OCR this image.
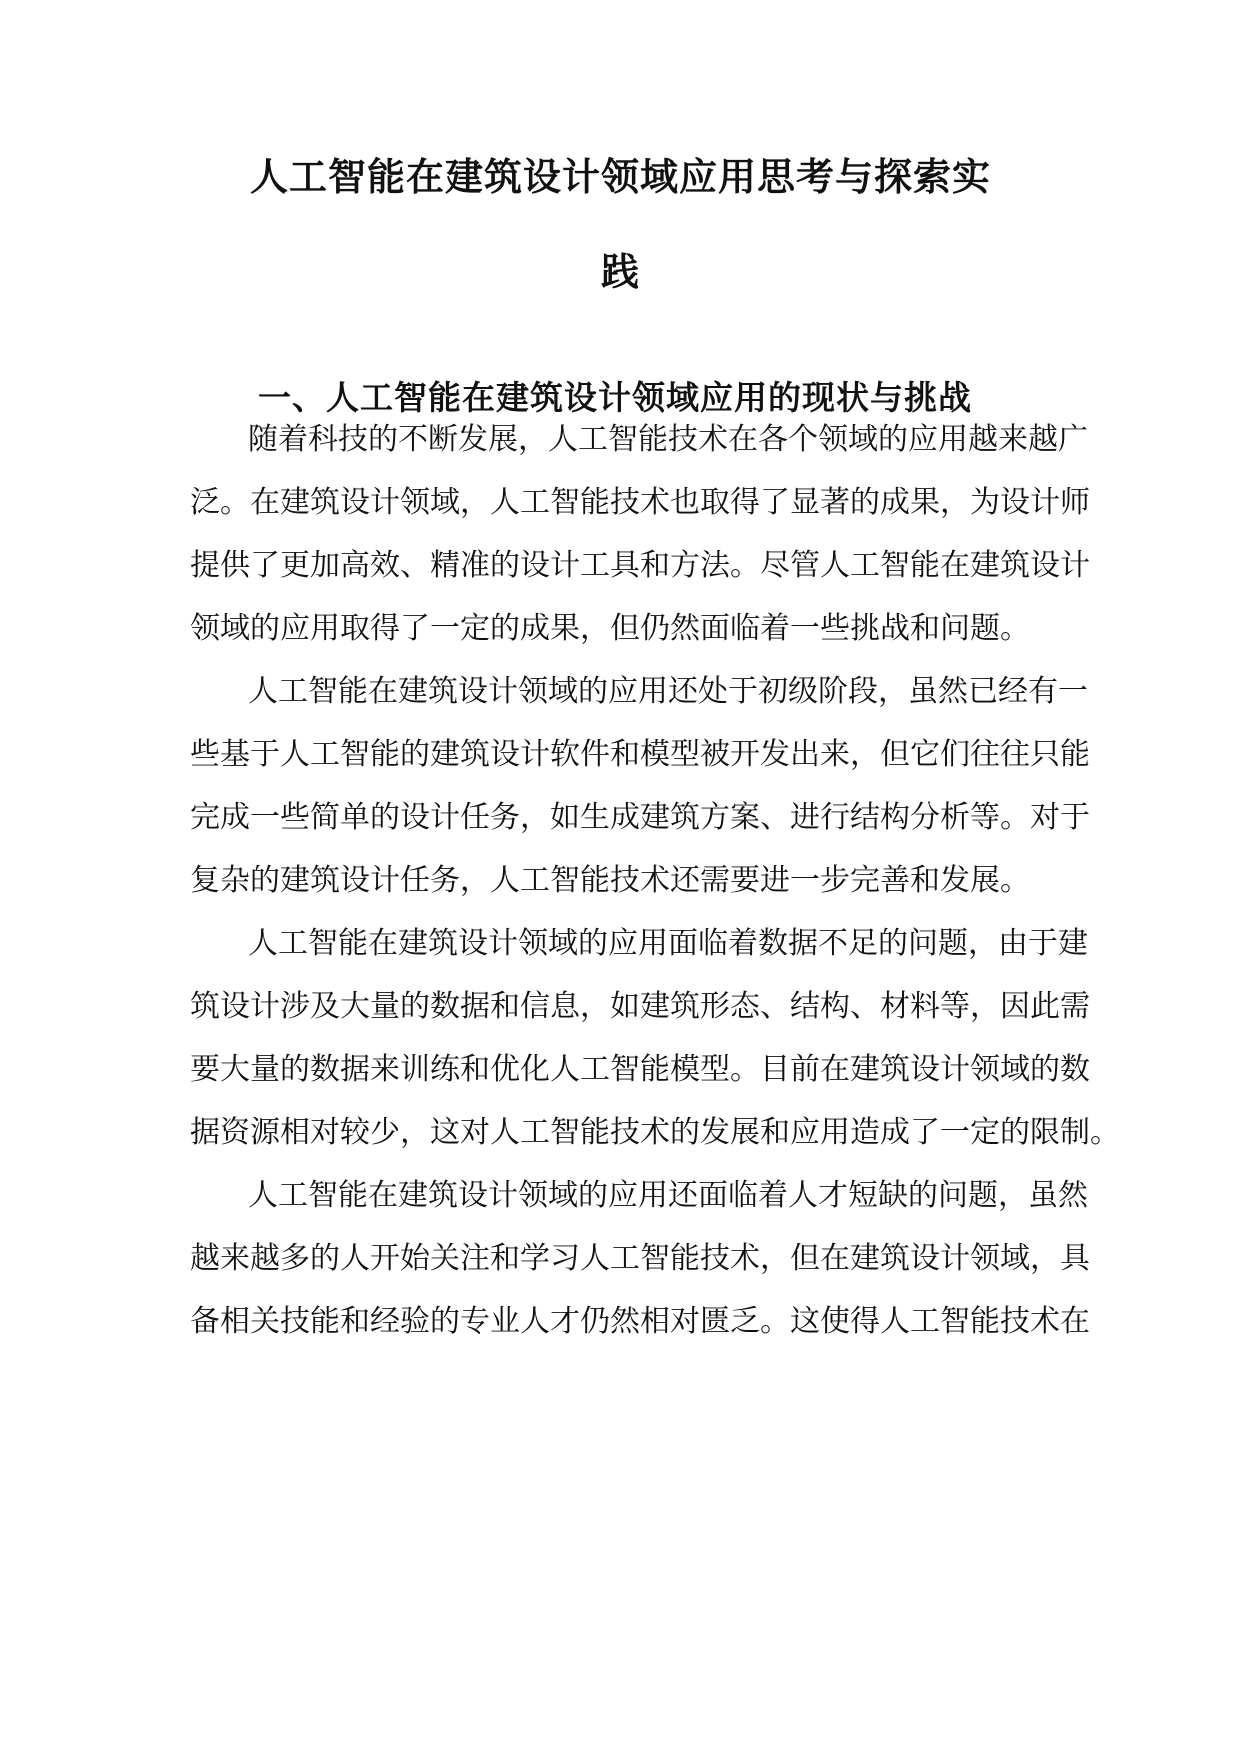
人工智能在建筑设计领域应用思考与探索实
践
一、人工智能在建筑设计领域应用的现状与挑战
随着科技的不断发展，人工智能技术在各个领域的应用越来越广
泛。在建筑设计领域，人工智能技术也取得了显著的成果，为设计师
提供了更加高效、精准的设计工具和方法。尽管人工智能在建筑设计
领域的应用取得了一定的成果，但仍然面临着一些挑战和问题。
人工智能在建筑设计领域的应用还处于初级阶段，虽然已经有一
些基于人工智能的建筑设计软件和模型被开发出来，但它们往往只能
完成一些简单的设计任务，如生成建筑方案、进行结构分析等。对于
复杂的建筑设计任务，人工智能技术还需要进一步完善和发展。
人工智能在建筑设计领域的应用面临着数据不足的问题，由于建
筑设计涉及大量的数据和信息，如建筑形态、结构、材料等，因此需
要大量的数据来训练和优化人工智能模型。目前在建筑设计领域的数
据资源相对较少，这对人工智能技术的发展和应用造成了一定的限制。
人工智能在建筑设计领域的应用还面临着人才短缺的问题，虽然
越来越多的人开始关注和学习人工智能技术，但在建筑设计领域，具
备相关技能和经验的专业人才仍然相对匮乏。这使得人工智能技术在
